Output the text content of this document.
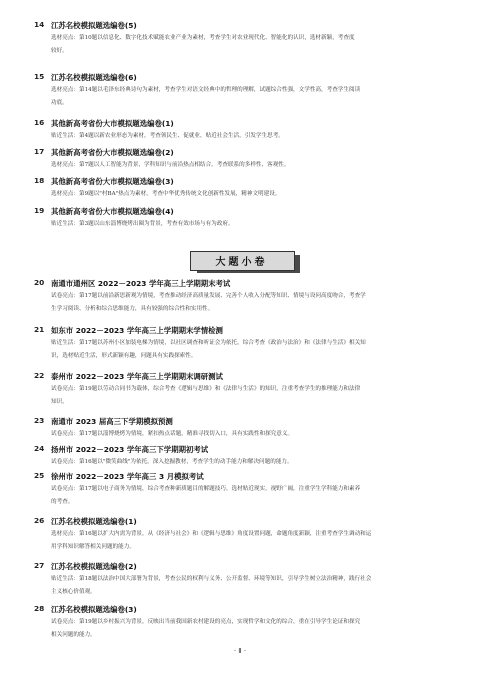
14 江苏名校模拟题选编卷(5)

选材亮点：第10题以信息化、数字化技术赋能农业产业为素材，考查学生对农业现代化、智能化的认识，选材新颖，考查度

较好。

15 江苏名校模拟题选编卷(6)

选材亮点：第14题以毛泽东经典诗句为素材，考查学生对语文经典中的哲理的理解，试题综合性强，文学性高，考查学生阅读

功底。

16 其他新高考省份大市模拟题选编卷(1)

贴近生活：第4题以新农业形态为素材，考查领民生、促就业，贴近社会生活，引发学生思考。

17 其他新高考省份大市模拟题选编卷(2)

选材亮点：第7题以人工智能为背景，学科知识与前沿热点相结合，考查联系的多样性、客观性。

18 其他新高考省份大市模拟题选编卷(3)

选材亮点：第9题以"村BA"热点为素材，考查中华优秀传统文化创新性发展，精神文明建设。

19 其他新高考省份大市模拟题选编卷(4)

贴近生活：第3题以山东淄博烧烤出圈为背景，考查有效市场与有为政府。

20 南通市通州区 2022－2023 学年高三上学期期末考试

试卷亮点：第17题以前沿新思新观为情境，考查推动经济高质量发展、完善个人收入分配等知识、情境与设问高度吻合，考查学

生学习阅读、分析和综合思维能力，具有较强的综合性和实用性。

21 如东市 2022－2023 学年高三上学期期末学情检测

贴近生活：第17题以苏州小区加装电梯为情境，以社区调查和听证会为依托，综合考查《政治与法治》和《法律与生活》相关知

识，选材贴近生活，形式新颖有趣，问题具有实践探索性。

22 泰州市 2022－2023 学年高三上学期期末调研测试

试卷亮点：第19题以劳动合同书为载体，综合考查《逻辑与思维》和《法律与生活》的知识，注重考查学生的推理能力和法律

知识。

23 南通市 2023 届高三下学期模拟预测

试卷亮点：第17题以淄博烧烤为情境，紧扣热点话题，精准寻找切入口，具有实践性和探究意义。

24 扬州市 2022－2023 学年高三下学期期初考试

试卷亮点：第16题以"微笑曲线"为依托，深入挖掘教材，考查学生的动手能力和解决问题的能力。

25 徐州市 2022－2023 学年高三 3 月模拟考试

试卷亮点：第17题以电子商务为情境，综合考查种新质题目的解题技巧。选材贴近现实，视野广阔，注重学生学科能力和素养

的考查。

26 江苏名校模拟题选编卷(1)

选材亮点：第16题以扩大内需为背景，从《经济与社会》和《逻辑与思维》角度设置问题，命题角度新颖，注重考查学生调动和运

用学科知识解答相关问题的能力。

27 江苏名校模拟题选编卷(2)

贴近生活：第18题以法治中国大部署为背景，考查公民的权利与义务、公开监督、环境等知识，引导学生树立法治精神，践行社会

主义核心价值观。

28 江苏名校模拟题选编卷(3)

试卷亮点：第19题以乡村振兴为背景，反映出当前我国新农村建设的亮点，实现哲学和文化的综合，重在引导学生论证和探究

相关问题的能力。

大题小卷
· Ⅱ ·
